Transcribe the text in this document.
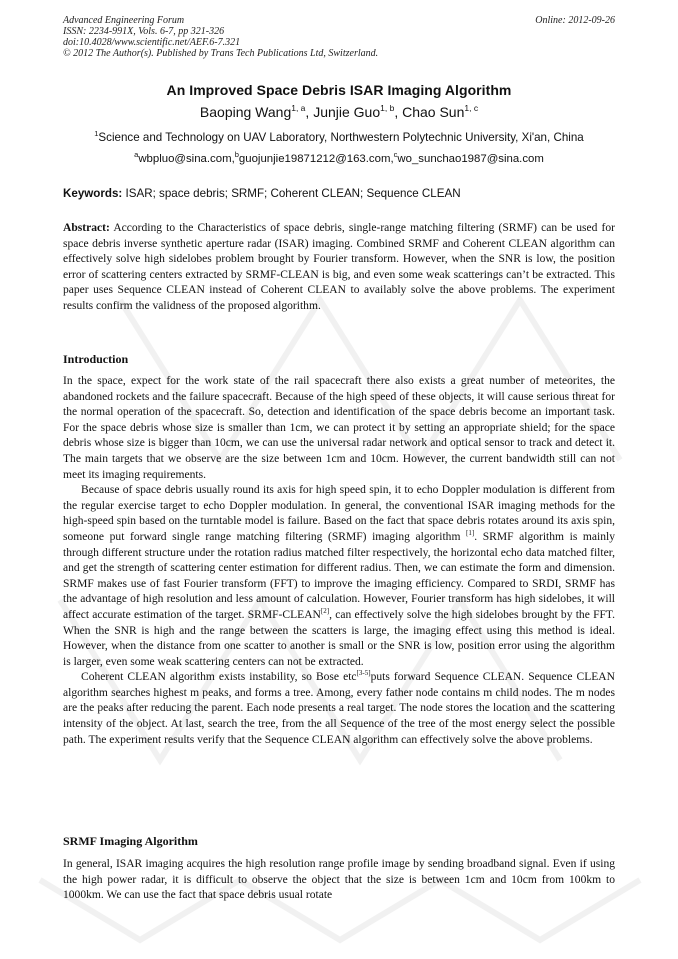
Advanced Engineering Forum
ISSN: 2234-991X, Vols. 6-7, pp 321-326
doi:10.4028/www.scientific.net/AEF.6-7.321
© 2012 The Author(s). Published by Trans Tech Publications Ltd, Switzerland.
Online: 2012-09-26
An Improved Space Debris ISAR Imaging Algorithm
Baoping Wang$^{1, a}$, Junjie Guo$^{1, b}$, Chao Sun$^{1, c}$
$^1$Science and Technology on UAV Laboratory, Northwestern Polytechnic University, Xi'an, China
$^a$wbpluo@sina.com,$^b$guojunjie19871212@163.com,$^c$wo_sunchao1987@sina.com
Keywords: ISAR; space debris; SRMF; Coherent CLEAN; Sequence CLEAN

Abstract: According to the Characteristics of space debris, single-range matching filtering (SRMF) can be used for space debris inverse synthetic aperture radar (ISAR) imaging. Combined SRMF and Coherent CLEAN algorithm can effectively solve high sidelobes problem brought by Fourier transform. However, when the SNR is low, the position error of scattering centers extracted by SRMF-CLEAN is big, and even some weak scatterings can’t be extracted. This paper uses Sequence CLEAN instead of Coherent CLEAN to availably solve the above problems. The experiment results confirm the validness of the proposed algorithm.

Introduction

In the space, expect for the work state of the rail spacecraft there also exists a great number of meteorites, the abandoned rockets and the failure spacecraft. Because of the high speed of these objects, it will cause serious threat for the normal operation of the spacecraft. So, detection and identification of the space debris become an important task. For the space debris whose size is smaller than 1cm, we can protect it by setting an appropriate shield; for the space debris whose size is bigger than 10cm, we can use the universal radar network and optical sensor to track and detect it. The main targets that we observe are the size between 1cm and 10cm. However, the current bandwidth still can not meet its imaging requirements.

Because of space debris usually round its axis for high speed spin, it to echo Doppler modulation is different from the regular exercise target to echo Doppler modulation. In general, the conventional ISAR imaging methods for the high-speed spin based on the turntable model is failure. Based on the fact that space debris rotates around its axis spin, someone put forward single range matching filtering (SRMF) imaging algorithm [1]. SRMF algorithm is mainly through different structure under the rotation radius matched filter respectively, the horizontal echo data matched filter, and get the strength of scattering center estimation for different radius. Then, we can estimate the form and dimension. SRMF makes use of fast Fourier transform (FFT) to improve the imaging efficiency. Compared to SRDI, SRMF has the advantage of high resolution and less amount of calculation. However, Fourier transform has high sidelobes, it will affect accurate estimation of the target. SRMF-CLEAN[2], can effectively solve the high sidelobes brought by the FFT. When the SNR is high and the range between the scatters is large, the imaging effect using this method is ideal. However, when the distance from one scatter to another is small or the SNR is low, position error using the algorithm is larger, even some weak scattering centers can not be extracted.

Coherent CLEAN algorithm exists instability, so Bose etc[3-5]puts forward Sequence CLEAN. Sequence CLEAN algorithm searches highest m peaks, and forms a tree. Among, every father node contains m child nodes. The m nodes are the peaks after reducing the parent. Each node presents a real target. The node stores the location and the scattering intensity of the object. At last, search the tree, from the all Sequence of the tree of the most energy select the possible path. The experiment results verify that the Sequence CLEAN algorithm can effectively solve the above problems.

SRMF Imaging Algorithm

In general, ISAR imaging acquires the high resolution range profile image by sending broadband signal. Even if using the high power radar, it is difficult to observe the object that the size is between 1cm and 10cm from 100km to 1000km. We can use the fact that space debris usual rotate
